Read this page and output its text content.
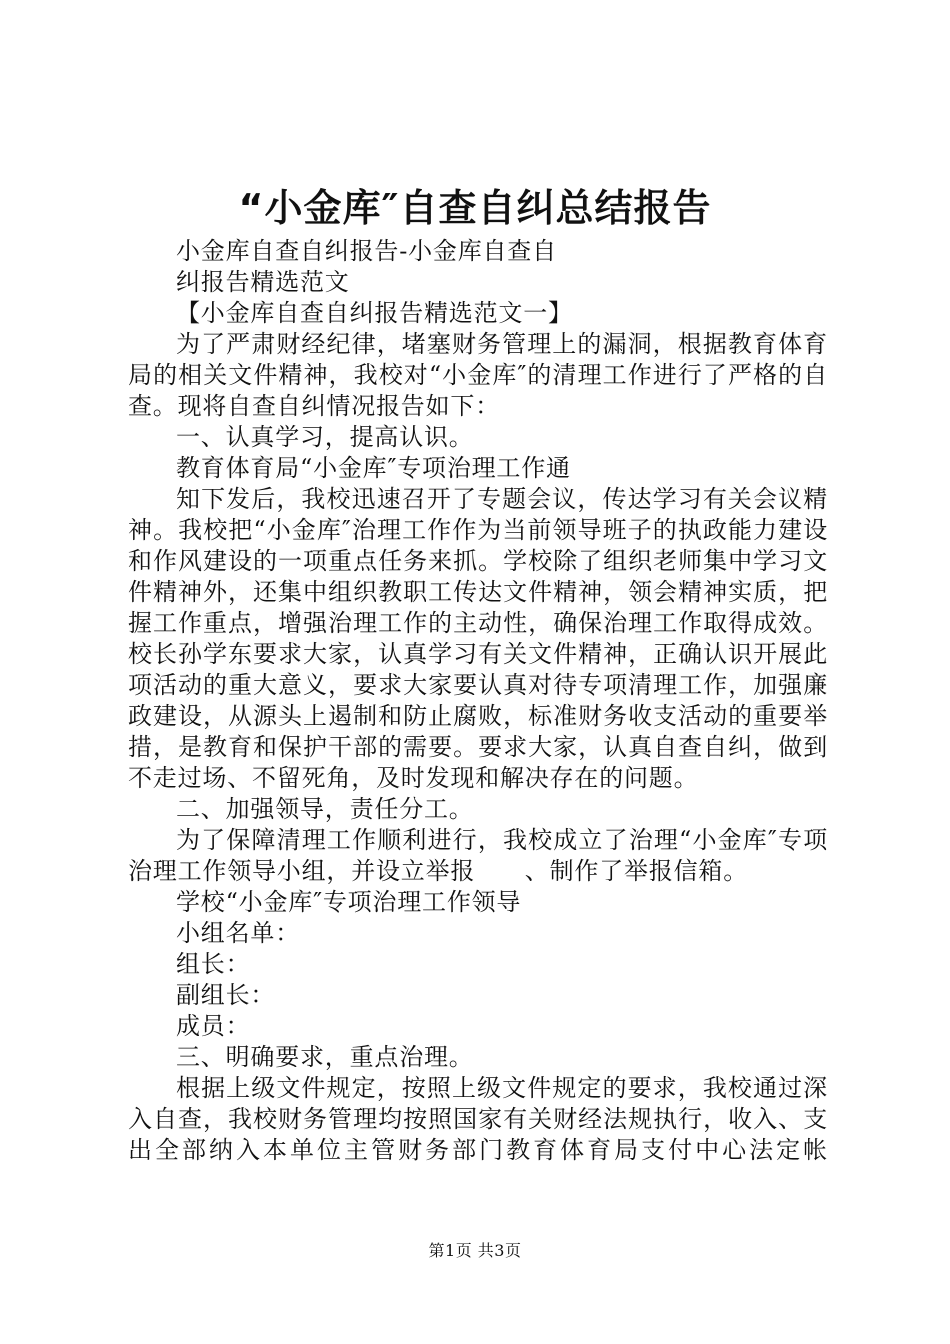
“小金库″自查自纠总结报告

小金库自查自纠报告-小金库自查自

纠报告精选范文

【小金库自查自纠报告精选范文一】

为了严肃财经纪律，堵塞财务管理上的漏洞，根据教育体育局的相关文件精神，我校对“小金库″的清理工作进行了严格的自查。现将自查自纠情况报告如下：

一、认真学习，提高认识。

教育体育局“小金库″专项治理工作通

知下发后，我校迅速召开了专题会议，传达学习有关会议精神。我校把“小金库″治理工作作为当前领导班子的执政能力建设和作风建设的一项重点任务来抓。学校除了组织老师集中学习文件精神外，还集中组织教职工传达文件精神，领会精神实质，把握工作重点，增强治理工作的主动性，确保治理工作取得成效。校长孙学东要求大家，认真学习有关文件精神，正确认识开展此项活动的重大意义，要求大家要认真对待专项清理工作，加强廉政建设，从源头上遏制和防止腐败，标准财务收支活动的重要举措，是教育和保护干部的需要。要求大家，认真自查自纠，做到不走过场、不留死角，及时发现和解决存在的问题。

二、加强领导，责任分工。

为了保障清理工作顺利进行，我校成立了治理“小金库″专项治理工作领导小组，并设立举报　　、制作了举报信箱。

学校“小金库″专项治理工作领导

小组名单：

组长：

副组长：

成员：

三、明确要求，重点治理。

根据上级文件规定，按照上级文件规定的要求，我校通过深入自查，我校财务管理均按照国家有关财经法规执行，收入、支出全部纳入本单位主管财务部门教育体育局支付中心法定帐

第1页 共3页
